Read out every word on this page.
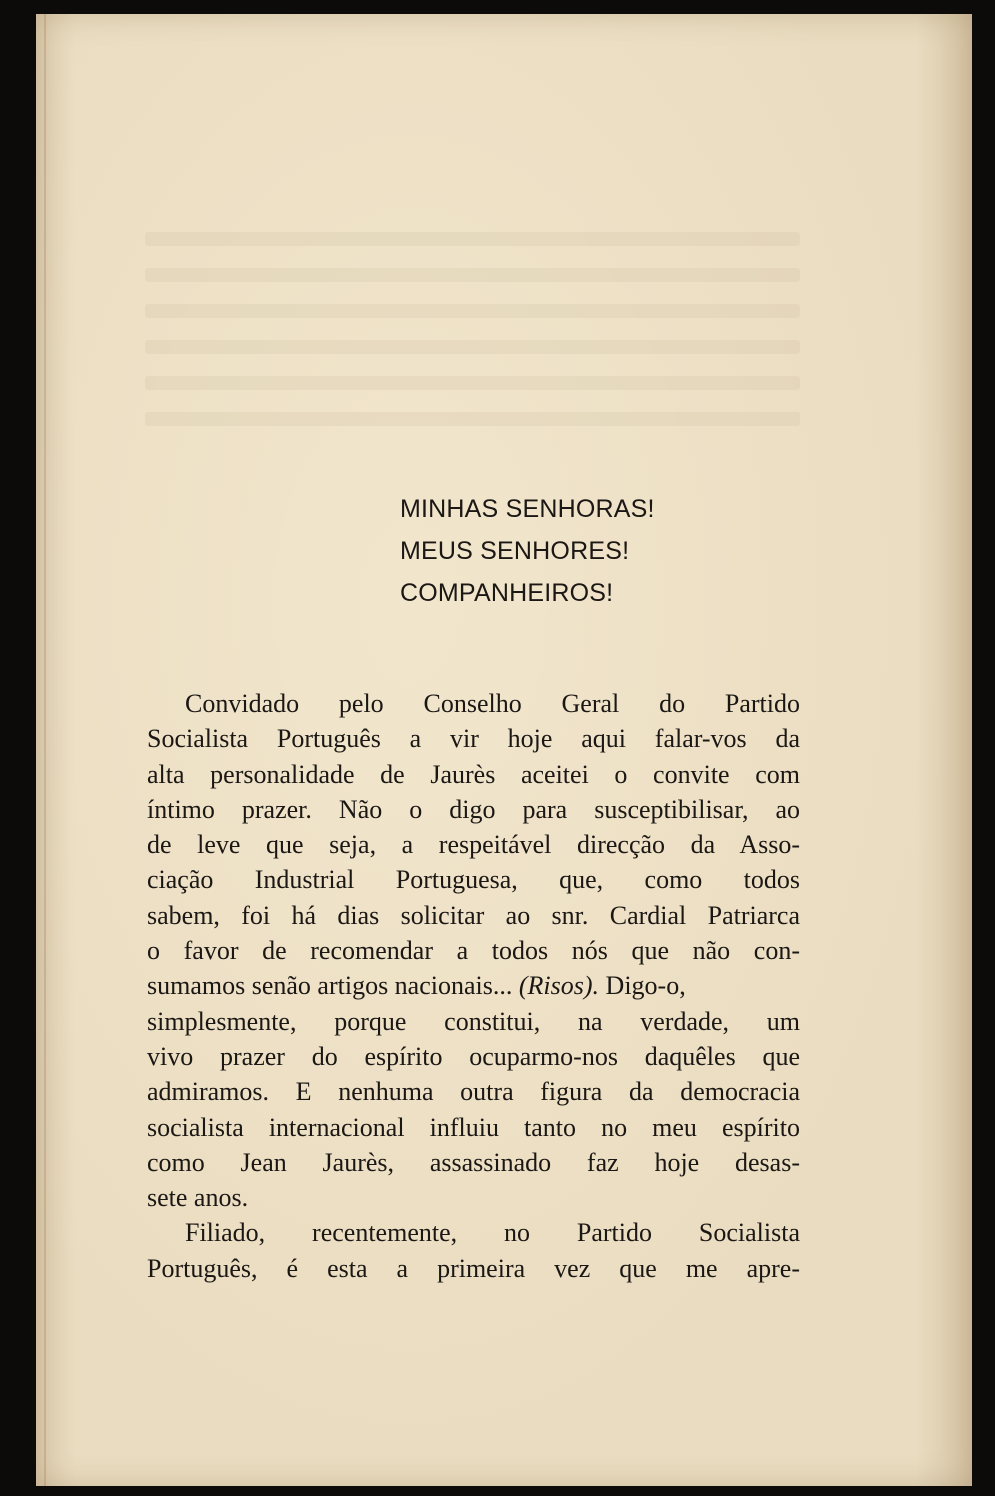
MINHAS SENHORAS!
MEUS SENHORES!
COMPANHEIROS!
Convidado pelo Conselho Geral do Partido
Socialista Português a vir hoje aqui falar-vos da
alta personalidade de Jaurès aceitei o convite com
íntimo prazer. Não o digo para susceptibilisar, ao
de leve que seja, a respeitável direcção da Asso-
ciação Industrial Portuguesa, que, como todos
sabem, foi há dias solicitar ao snr. Cardial Patriarca
o favor de recomendar a todos nós que não con-
sumamos senão artigos nacionais... (Risos). Digo-o,
simplesmente, porque constitui, na verdade, um
vivo prazer do espírito ocuparmo-nos daquêles que
admiramos. E nenhuma outra figura da democracia
socialista internacional influiu tanto no meu espírito
como Jean Jaurès, assassinado faz hoje desas-
sete anos.
Filiado, recentemente, no Partido Socialista
Português, é esta a primeira vez que me apre-
